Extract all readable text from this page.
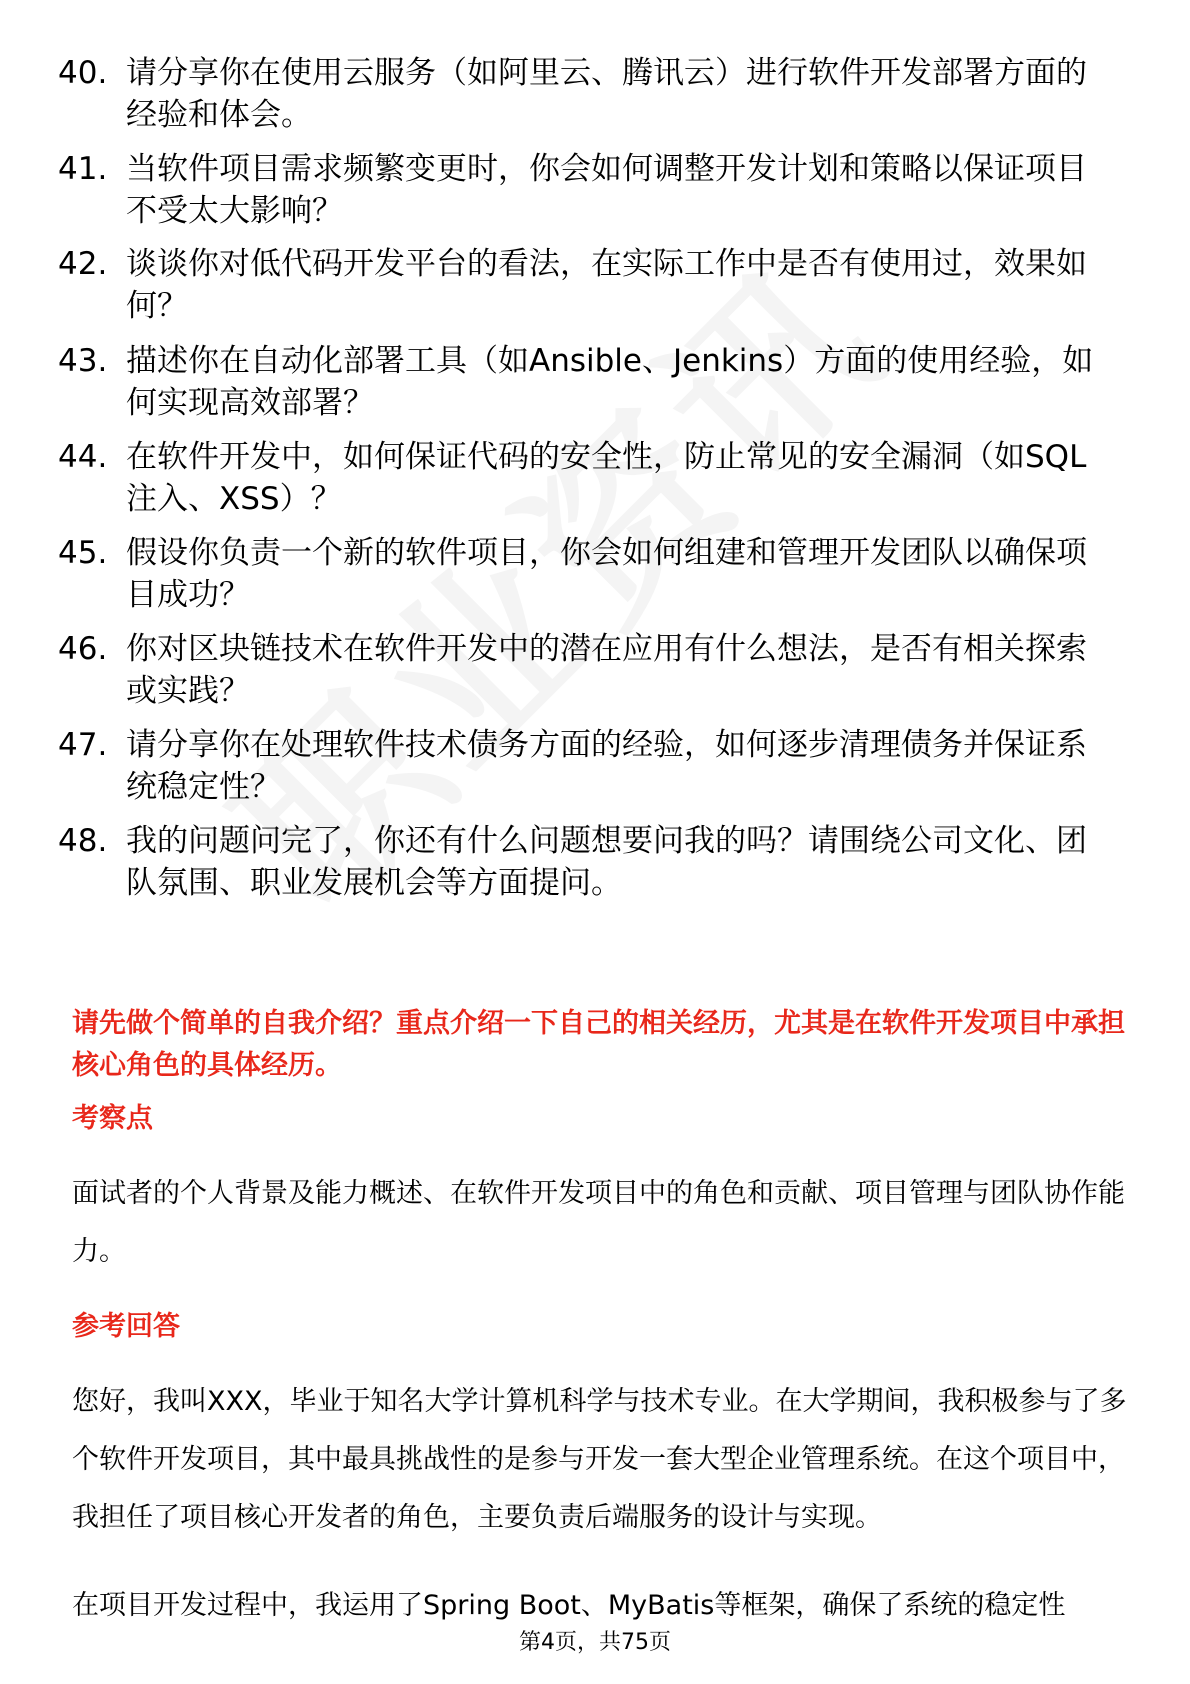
40. 请分享你在使用云服务（如阿里云、腾讯云）进行软件开发部署方面的经验和体会。
41. 当软件项目需求频繁变更时，你会如何调整开发计划和策略以保证项目不受太大影响？
42. 谈谈你对低代码开发平台的看法，在实际工作中是否有使用过，效果如何？
43. 描述你在自动化部署工具（如Ansible、Jenkins）方面的使用经验，如何实现高效部署？
44. 在软件开发中，如何保证代码的安全性，防止常见的安全漏洞（如SQL注入、XSS）？
45. 假设你负责一个新的软件项目，你会如何组建和管理开发团队以确保项目成功？
46. 你对区块链技术在软件开发中的潜在应用有什么想法，是否有相关探索或实践？
47. 请分享你在处理软件技术债务方面的经验，如何逐步清理债务并保证系统稳定性？
48. 我的问题问完了，你还有什么问题想要问我的吗？请围绕公司文化、团队氛围、职业发展机会等方面提问。
请先做个简单的自我介绍？重点介绍一下自己的相关经历，尤其是在软件开发项目中承担核心角色的具体经历。
考察点
面试者的个人背景及能力概述、在软件开发项目中的角色和贡献、项目管理与团队协作能力。
参考回答
您好，我叫XXX，毕业于知名大学计算机科学与技术专业。在大学期间，我积极参与了多个软件开发项目，其中最具挑战性的是参与开发一套大型企业管理系统。在这个项目中，我担任了项目核心开发者的角色，主要负责后端服务的设计与实现。
在项目开发过程中，我运用了Spring Boot、MyBatis等框架，确保了系统的稳定性
第4页，共75页
